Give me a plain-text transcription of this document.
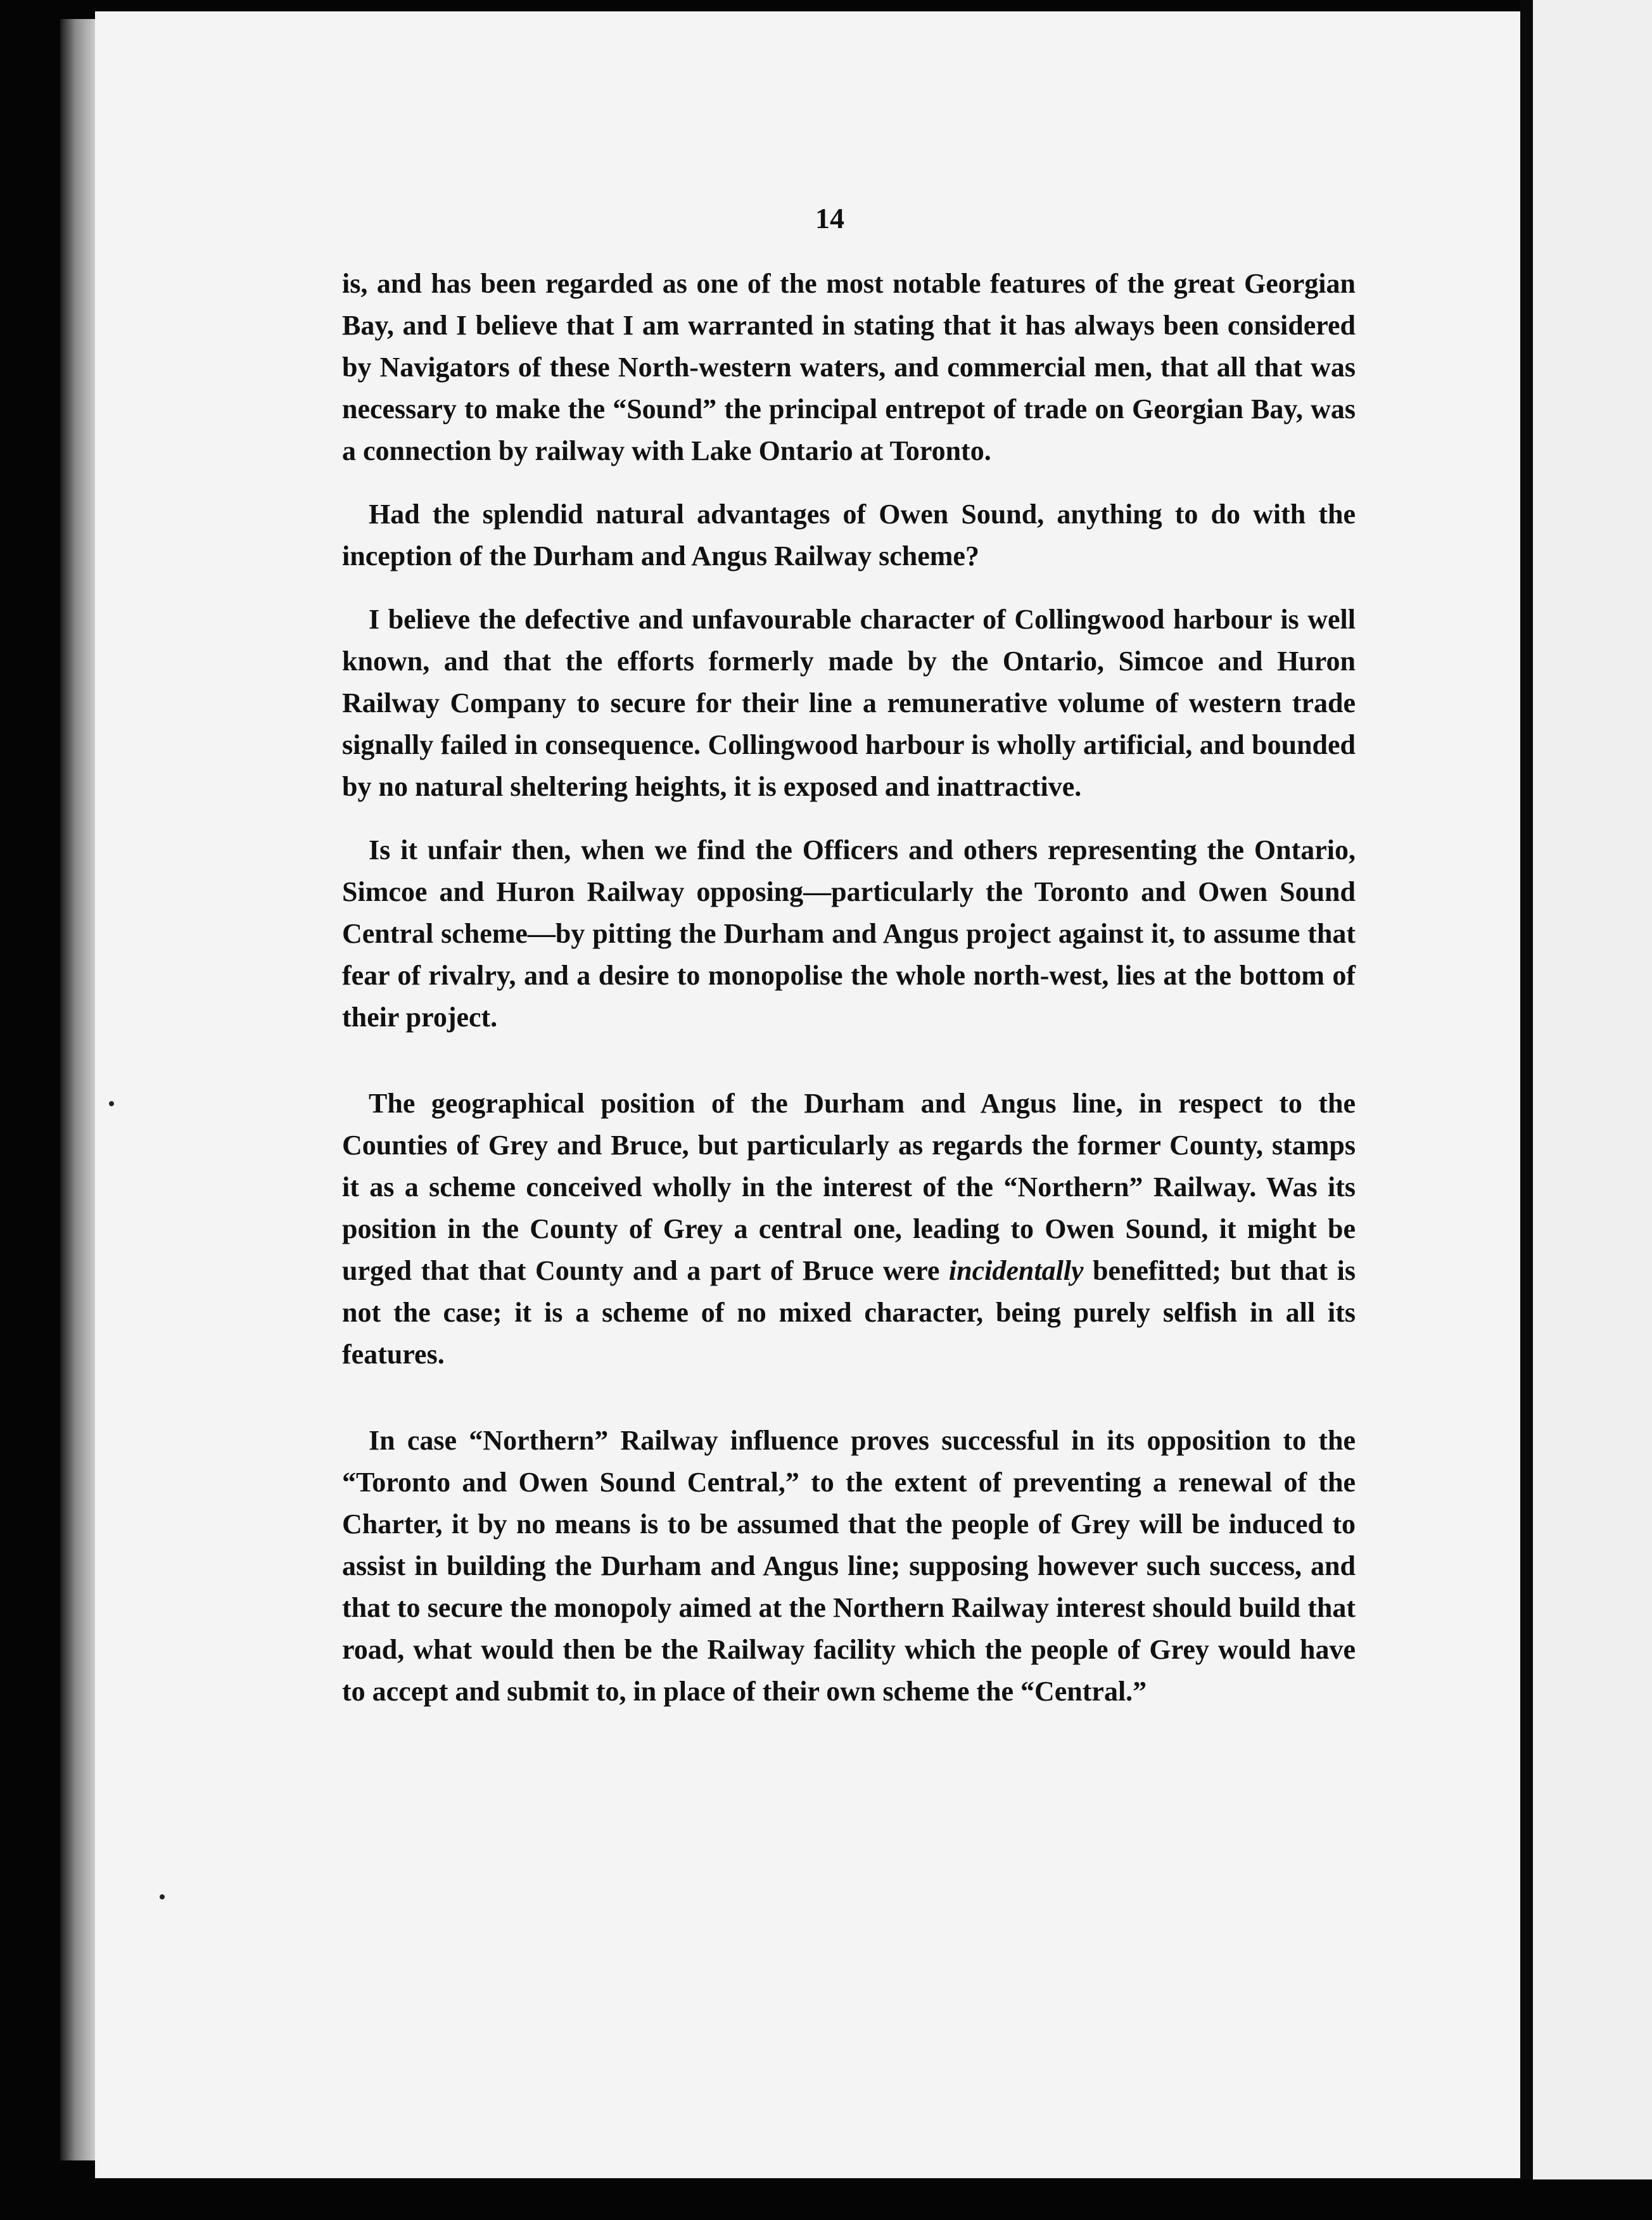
14

is, and has been regarded as one of the most notable features of the great Georgian Bay, and I believe that I am warranted in stating that it has always been considered by Navigators of these North-western waters, and commercial men, that all that was necessary to make the “Sound” the principal entrepot of trade on Georgian Bay, was a connection by railway with Lake Ontario at Toronto.

Had the splendid natural advantages of Owen Sound, anything to do with the inception of the Durham and Angus Railway scheme?

I believe the defective and unfavourable character of Collingwood harbour is well known, and that the efforts formerly made by the Ontario, Simcoe and Huron Railway Company to secure for their line a remunerative volume of western trade signally failed in consequence. Collingwood harbour is wholly artificial, and bounded by no natural sheltering heights, it is exposed and inattractive.

Is it unfair then, when we find the Officers and others representing the Ontario, Simcoe and Huron Railway opposing—particularly the Toronto and Owen Sound Central scheme—by pitting the Durham and Angus project against it, to assume that fear of rivalry, and a desire to monopolise the whole north-west, lies at the bottom of their project.

The geographical position of the Durham and Angus line, in respect to the Counties of Grey and Bruce, but particularly as regards the former County, stamps it as a scheme conceived wholly in the interest of the “Northern” Railway. Was its position in the County of Grey a central one, leading to Owen Sound, it might be urged that that County and a part of Bruce were incidentally benefitted; but that is not the case; it is a scheme of no mixed character, being purely selfish in all its features.

In case “Northern” Railway influence proves successful in its opposition to the “Toronto and Owen Sound Central,” to the extent of preventing a renewal of the Charter, it by no means is to be assumed that the people of Grey will be induced to assist in building the Durham and Angus line; supposing however such success, and that to secure the monopoly aimed at the Northern Railway interest should build that road, what would then be the Railway facility which the people of Grey would have to accept and submit to, in place of their own scheme the “Central.”
